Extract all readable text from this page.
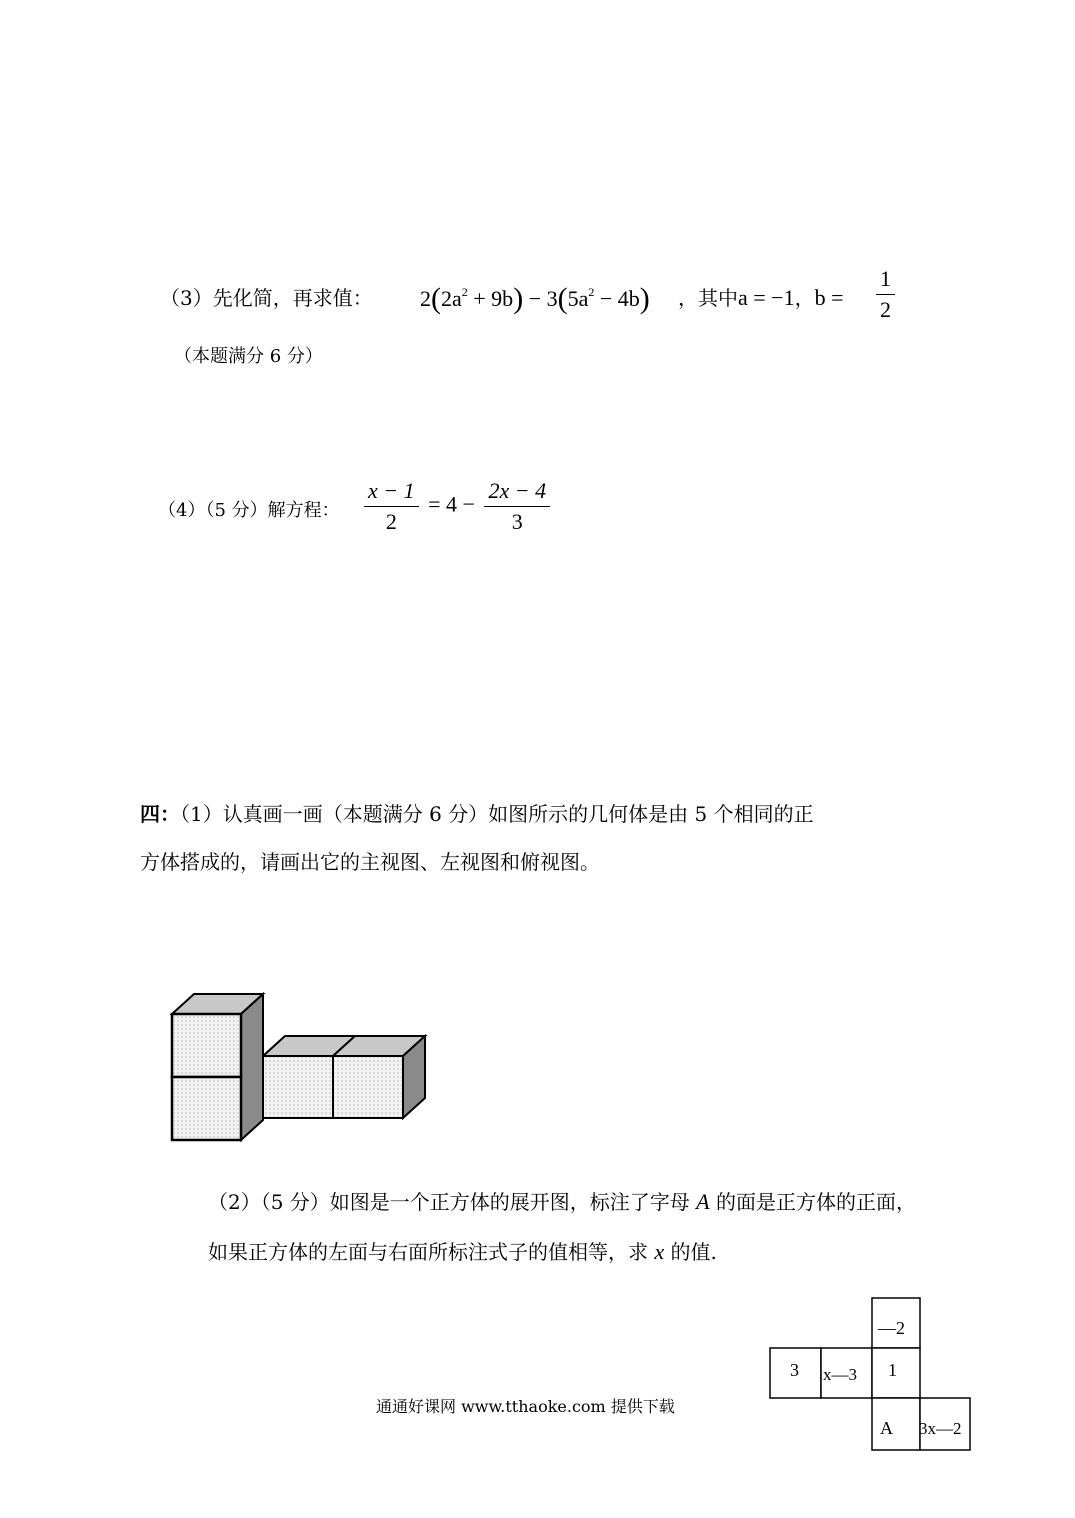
（3）先化简，再求值： $2(2a^2 + 9b) - 3(5a^2 - 4b)$ ，其中a = −1，$b = \frac{1}{2}$
（本题满分 6 分）
（4）（5 分）解方程： $\frac{x - 1}{2} = 4 - \frac{2x - 4}{3}$
四：（1）认真画一画（本题满分 6 分）如图所示的几何体是由 5 个相同的正
方体搭成的，请画出它的主视图、左视图和俯视图。
（2）（5 分）如图是一个正方体的展开图，标注了字母 A 的面是正方体的正面，
如果正方体的左面与右面所标注式子的值相等，求 x 的值.
—2
3 x—3 1
A 3x—2
通通好课网 www.tthaoke.com 提供下载
